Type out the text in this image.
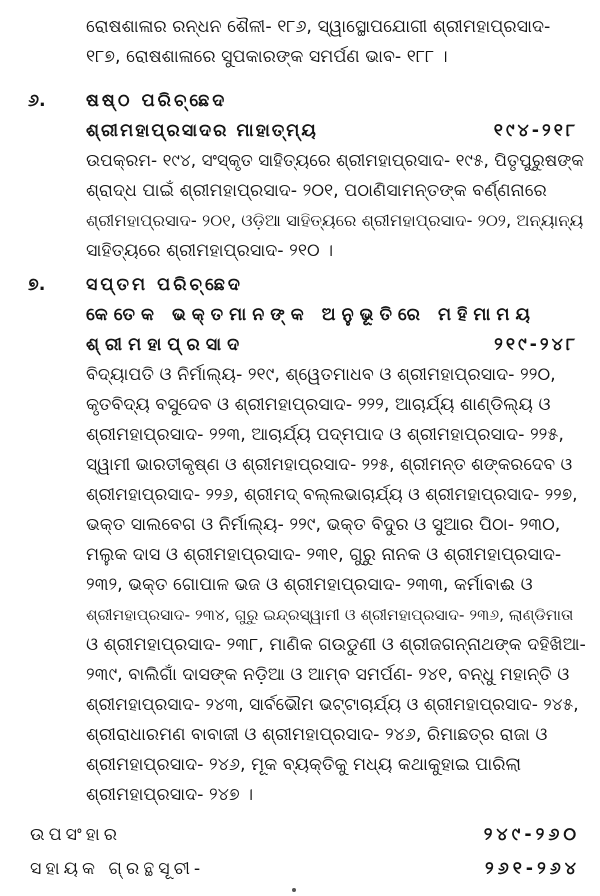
ରୋଷଶାଳାର ରନ୍ଧନ ଶୈଳୀ- ୧୮୬, ସ୍ୱାସ୍ଥୋପଯୋଗୀ ଶ୍ରୀମହାପ୍ରସାଦ-
୧୮୭, ରୋଷଶାଳାରେ ସୁପକାରଙ୍କ ସମର୍ପଣ ଭାବ- ୧୮୮ ।
୬. ଷଷ୍ଠ ପରିଚ୍ଛେଦ
ଶ୍ରୀମହାପ୍ରସାଦର ମାହାତ୍ମ୍ୟ	୧୯୪-୨୧୮
ଉପକ୍ରମ- ୧୯୪, ସଂସ୍କୃତ ସାହିତ୍ୟରେ ଶ୍ରୀମହାପ୍ରସାଦ- ୧୯୫, ପିତୃପୁରୁଷଙ୍କ
ଶ୍ରାଦ୍ଧ ପାଇଁ ଶ୍ରୀମହାପ୍ରସାଦ- ୨୦୧, ପଠାଣିସାମନ୍ତଙ୍କ ବର୍ଣ୍ଣନାରେ
ଶ୍ରୀମହାପ୍ରସାଦ- ୨୦୧, ଓଡ଼ିଆ ସାହିତ୍ୟରେ ଶ୍ରୀମହାପ୍ରସାଦ- ୨୦୨, ଅନ୍ୟାନ୍ୟ
ସାହିତ୍ୟରେ ଶ୍ରୀମହାପ୍ରସାଦ- ୨୧୦ ।
୭. ସପ୍ତମ ପରିଚ୍ଛେଦ
କେତେକ ଭକ୍ତମାନଙ୍କ ଅନୁଭୂତିରେ ମହିମାମୟ
ଶ୍ରୀମହାପ୍ରସାଦ	୨୧୯-୨୪୮
ବିଦ୍ୟାପତି ଓ ନିର୍ମାଲ୍ୟ- ୨୧୯, ଶ୍ୱେତମାଧବ ଓ ଶ୍ରୀମହାପ୍ରସାଦ- ୨୨୦,
କୃତବିଦ୍ୟ ବସୁଦେବ ଓ ଶ୍ରୀମହାପ୍ରସାଦ- ୨୨୨, ଆଚାର୍ଯ୍ୟ ଶାଣ୍ଡିଲ୍ୟ ଓ
ଶ୍ରୀମହାପ୍ରସାଦ- ୨୨୩, ଆଚାର୍ଯ୍ୟ ପଦ୍ମପାଦ ଓ ଶ୍ରୀମହାପ୍ରସାଦ- ୨୨୫,
ସ୍ୱାମୀ ଭାରତୀକୃଷ୍ଣ ଓ ଶ୍ରୀମହାପ୍ରସାଦ- ୨୨୫, ଶ୍ରୀମନ୍ତ ଶଙ୍କରଦେବ ଓ
ଶ୍ରୀମହାପ୍ରସାଦ- ୨୨୬, ଶ୍ରୀମଦ୍ ବଲ୍ଲଭାଚାର୍ଯ୍ୟ ଓ ଶ୍ରୀମହାପ୍ରସାଦ- ୨୨୭,
ଭକ୍ତ ସାଲବେଗ ଓ ନିର୍ମାଲ୍ୟ- ୨୨୯, ଭକ୍ତ ବିଦୁର ଓ ସୁଆର ପିଠା- ୨୩୦,
ମଲୁକ ଦାସ ଓ ଶ୍ରୀମହାପ୍ରସାଦ- ୨୩୧, ଗୁରୁ ନାନକ ଓ ଶ୍ରୀମହାପ୍ରସାଦ-
୨୩୨, ଭକ୍ତ ଗୋପାଳ ଭଜ ଓ ଶ୍ରୀମହାପ୍ରସାଦ- ୨୩୩, କର୍ମାବାଈ ଓ
ଶ୍ରୀମହାପ୍ରସାଦ- ୨୩୪, ଗୁରୁ ଇନ୍ଦ୍ରସ୍ୱାମୀ ଓ ଶ୍ରୀମହାପ୍ରସାଦ- ୨୩୬, ଲାଣ୍ଡିମାତା
ଓ ଶ୍ରୀମହାପ୍ରସାଦ- ୨୩୮, ମାଣିକ ଗଉଡୁଣୀ ଓ ଶ୍ରୀଜଗନ୍ନାଥଙ୍କ ଦହିଖିଆ-
୨୩୯, ବାଲିଗାଁ ଦାସଙ୍କ ନଡ଼ିଆ ଓ ଆମ୍ବ ସମର୍ପଣ- ୨୪୧, ବନ୍ଧୁ ମହାନ୍ତି ଓ
ଶ୍ରୀମହାପ୍ରସାଦ- ୨୪୩, ସାର୍ବଭୌମ ଭଟ୍ଟାଚାର୍ଯ୍ୟ ଓ ଶ୍ରୀମହାପ୍ରସାଦ- ୨୪୫,
ଶ୍ରୀରାଧାରମଣ ବାବାଜୀ ଓ ଶ୍ରୀମହାପ୍ରସାଦ- ୨୪୬, ରିମାଛତ୍ର ରାଜା ଓ
ଶ୍ରୀମହାପ୍ରସାଦ- ୨୪୬, ମୂକ ବ୍ୟକ୍ତିକୁ ମଧ୍ୟ କଥାକୁହାଇ ପାରିଲା
ଶ୍ରୀମହାପ୍ରସାଦ- ୨୪୭ ।
ଉପସଂହାର	୨୪୯-୨୬୦
ସହାୟକ ଗ୍ରନ୍ଥସୂଚୀ-	୨୬୧-୨୬୪
